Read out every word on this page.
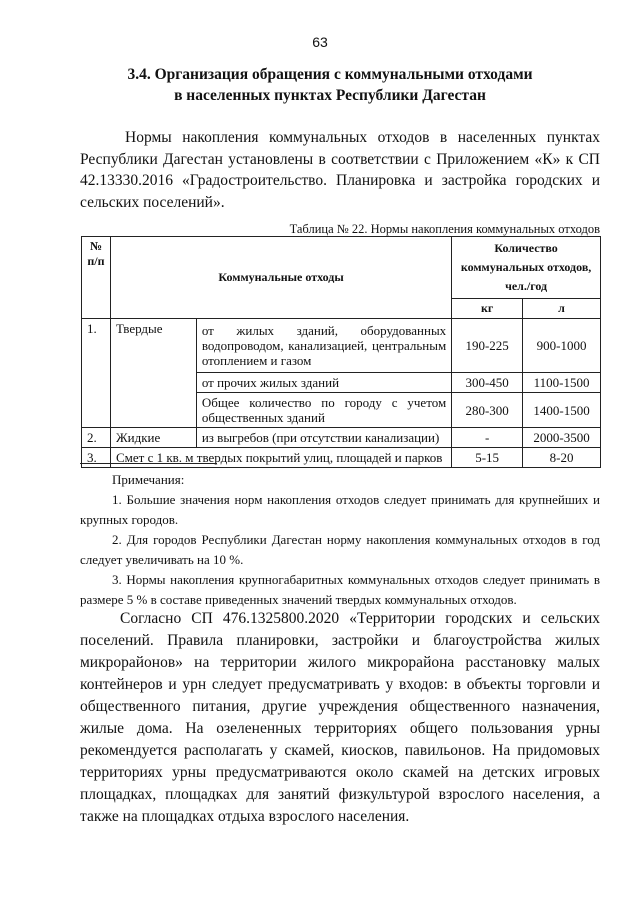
63
3.4. Организация обращения с коммунальными отходами
в населенных пунктах Республики Дагестан

Нормы накопления коммунальных отходов в населенных пунктах Республики Дагестан установлены в соответствии с Приложением «К» к СП 42.13330.2016 «Градостроительство. Планировка и застройка городских и сельских поселений».

Таблица № 22. Нормы накопления коммунальных отходов
№ п/п	Коммунальные отходы		Количество коммунальных отходов, чел./год	
			кг	л
1.	Твердые	от жилых зданий, оборудованных водопроводом, канализацией, центральным отоплением и газом	190-225	900-1000
		от прочих жилых зданий	300-450	1100-1500
		Общее количество по городу с учетом общественных зданий	280-300	1400-1500
2.	Жидкие	из выгребов (при отсутствии канализации)	-	2000-3500
3.	Смет с 1 кв. м твердых покрытий улиц, площадей и парков		5-15	8-20

Примечания:

1. Большие значения норм накопления отходов следует принимать для крупнейших и крупных городов.

2. Для городов Республики Дагестан норму накопления коммунальных отходов в год следует увеличивать на 10 %.

3. Нормы накопления крупногабаритных коммунальных отходов следует принимать в размере 5 % в составе приведенных значений твердых коммунальных отходов.

Согласно СП 476.1325800.2020 «Территории городских и сельских поселений. Правила планировки, застройки и благоустройства жилых микрорайонов» на территории жилого микрорайона расстановку малых контейнеров и урн следует предусматривать у входов: в объекты торговли и общественного питания, другие учреждения общественного назначения, жилые дома. На озелененных территориях общего пользования урны рекомендуется располагать у скамей, киосков, павильонов. На придомовых территориях урны предусматриваются около скамей на детских игровых площадках, площадках для занятий физкультурой взрослого населения, а также на площадках отдыха взрослого населения.
